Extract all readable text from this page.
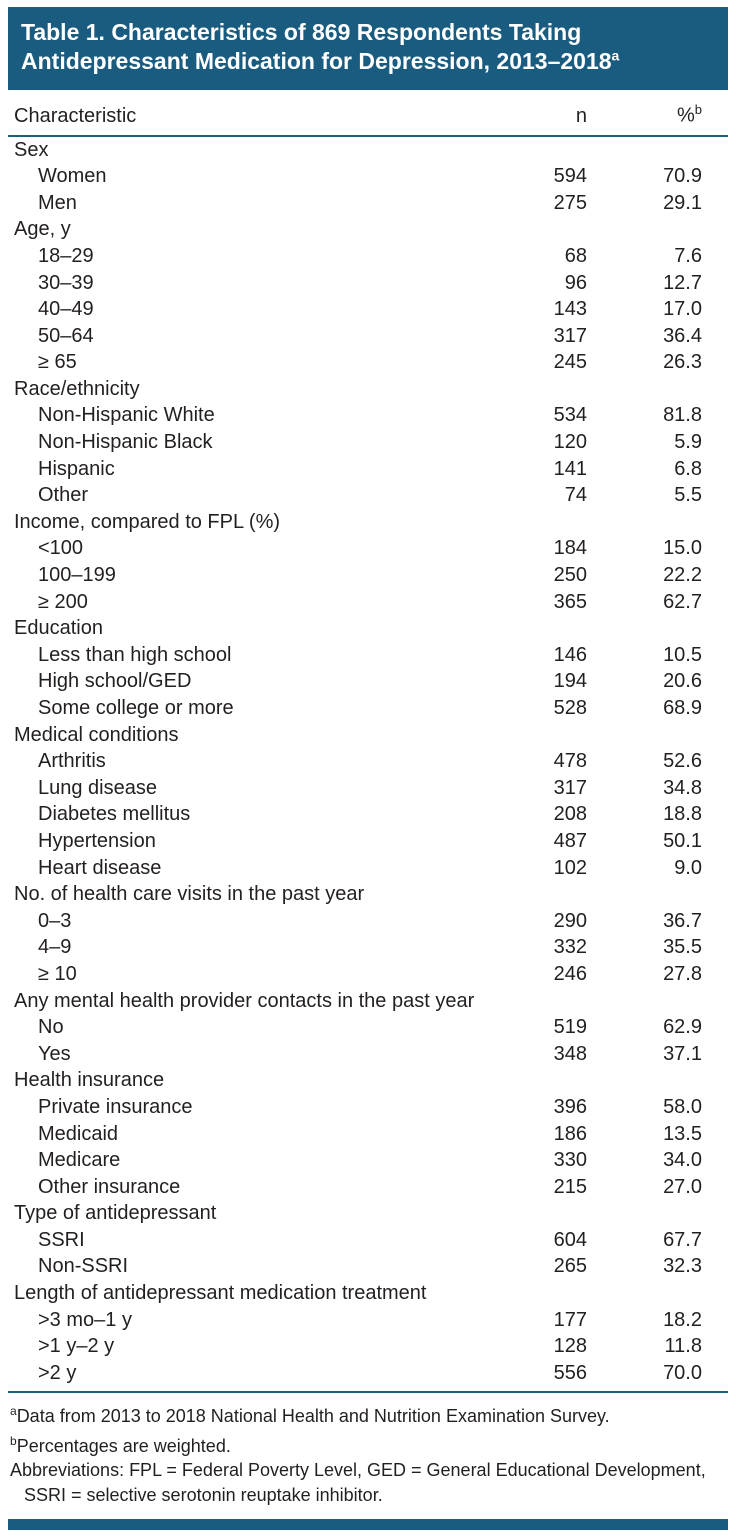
Table 1. Characteristics of 869 Respondents Taking Antidepressant Medication for Depression, 2013–2018$^a$
Characteristic	n	%$^b$
Sex
Women	594	70.9
Men	275	29.1
Age, y
18–29	68	7.6
30–39	96	12.7
40–49	143	17.0
50–64	317	36.4
≥ 65	245	26.3
Race/ethnicity
Non-Hispanic White	534	81.8
Non-Hispanic Black	120	5.9
Hispanic	141	6.8
Other	74	5.5
Income, compared to FPL (%)
<100	184	15.0
100–199	250	22.2
≥ 200	365	62.7
Education
Less than high school	146	10.5
High school/GED	194	20.6
Some college or more	528	68.9
Medical conditions
Arthritis	478	52.6
Lung disease	317	34.8
Diabetes mellitus	208	18.8
Hypertension	487	50.1
Heart disease	102	9.0
No. of health care visits in the past year
0–3	290	36.7
4–9	332	35.5
≥ 10	246	27.8
Any mental health provider contacts in the past year
No	519	62.9
Yes	348	37.1
Health insurance
Private insurance	396	58.0
Medicaid	186	13.5
Medicare	330	34.0
Other insurance	215	27.0
Type of antidepressant
SSRI	604	67.7
Non-SSRI	265	32.3
Length of antidepressant medication treatment
>3 mo–1 y	177	18.2
>1 y–2 y	128	11.8
>2 y	556	70.0
$^a$Data from 2013 to 2018 National Health and Nutrition Examination Survey.
$^b$Percentages are weighted.
Abbreviations: FPL = Federal Poverty Level, GED = General Educational Development, SSRI = selective serotonin reuptake inhibitor.
